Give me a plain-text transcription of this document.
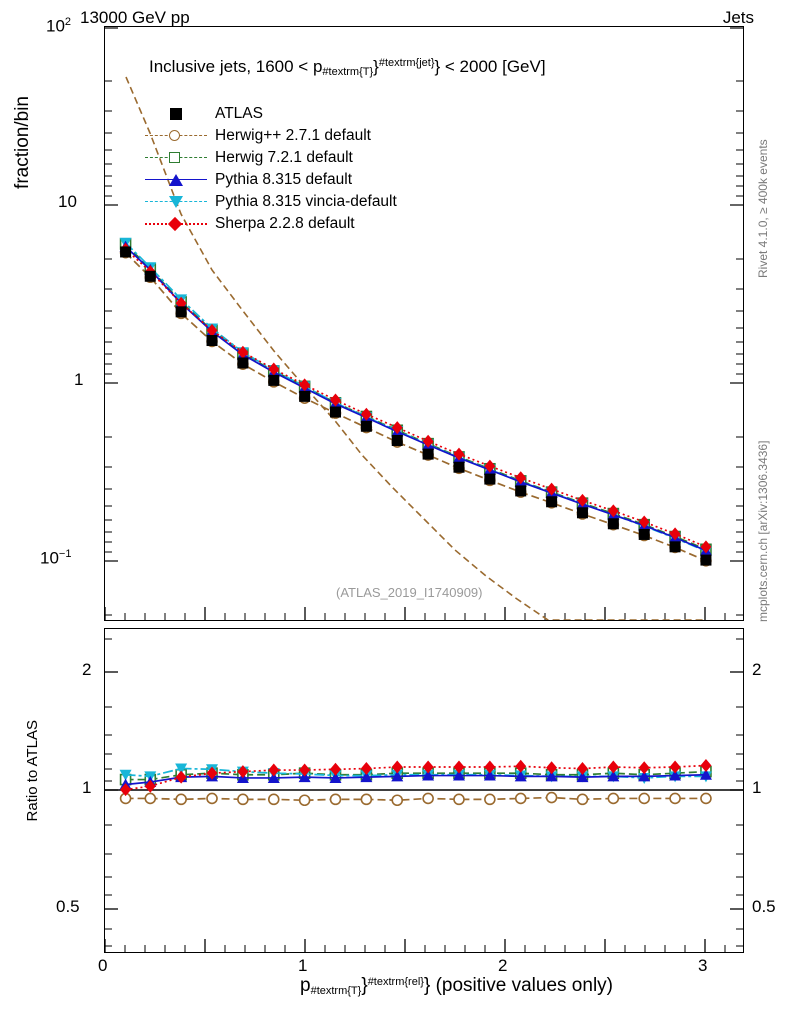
13000 GeV pp	Jets
Rivet 4.1.0, ≥ 400k events
mcplots.cern.ch [arXiv:1306.3436]
fraction/bin
Inclusive jets, $1600 < p_{\#textrm\{T\}}\}^{\#textrm\{jet\}}\} < 2000$ [GeV]
ATLAS
Herwig++ 2.7.1 default
Herwig 7.2.1 default
Pythia 8.315 default
Pythia 8.315 vincia-default
Sherpa 2.2.8 default
(ATLAS_2019_I1740909)
$10^2$
10
1
$10^{-1}$
2
1
0.5
2
1
0.5
Ratio to ATLAS
0	1	2	3
$p_{\#textrm\{T\}}\}^{\#textrm\{rel\}}$} (positive values only)
